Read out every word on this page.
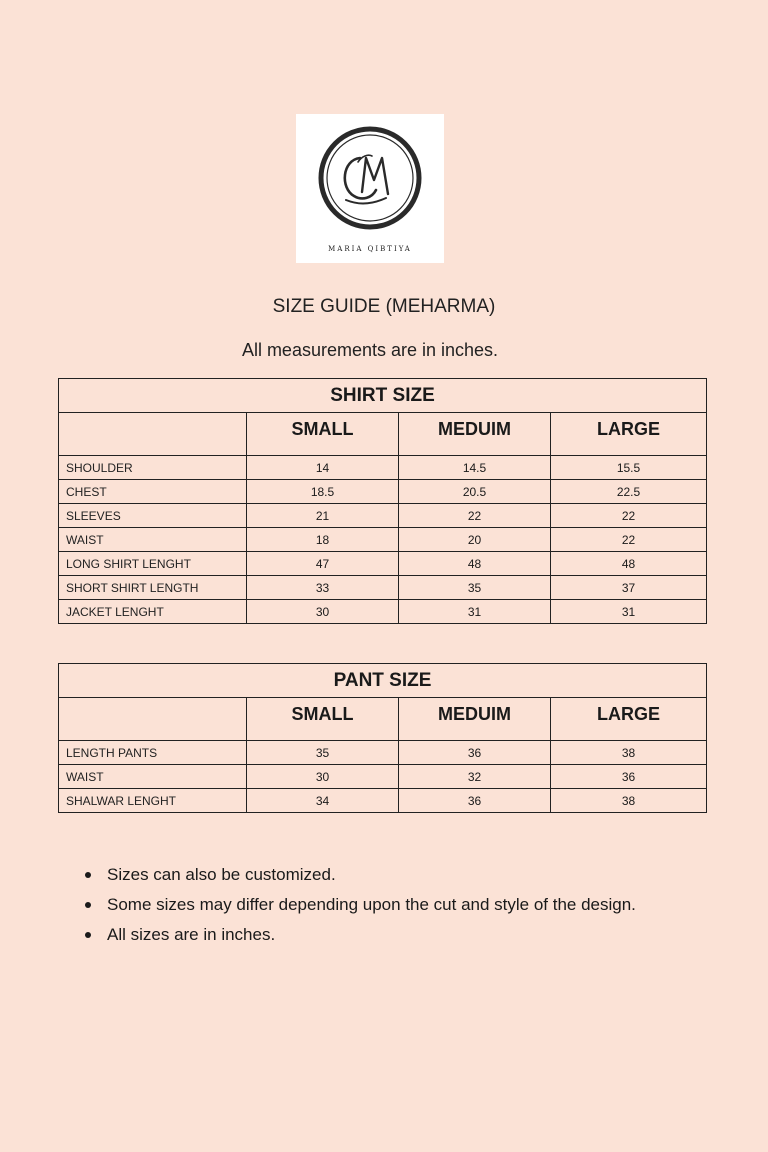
MARIA QIBTIYA
SIZE GUIDE (MEHARMA)
All measurements are in inches.
SHIRT SIZE			
	SMALL	MEDUIM	LARGE
SHOULDER	14	14.5	15.5
CHEST	18.5	20.5	22.5
SLEEVES	21	22	22
WAIST	18	20	22
LONG SHIRT LENGHT	47	48	48
SHORT SHIRT LENGTH	33	35	37
JACKET LENGHT	30	31	31
PANT SIZE			
	SMALL	MEDUIM	LARGE
LENGTH PANTS	35	36	38
WAIST	30	32	36
SHALWAR LENGHT	34	36	38
Sizes can also be customized.
Some sizes may differ depending upon the cut and style of the design.
All sizes are in inches.
